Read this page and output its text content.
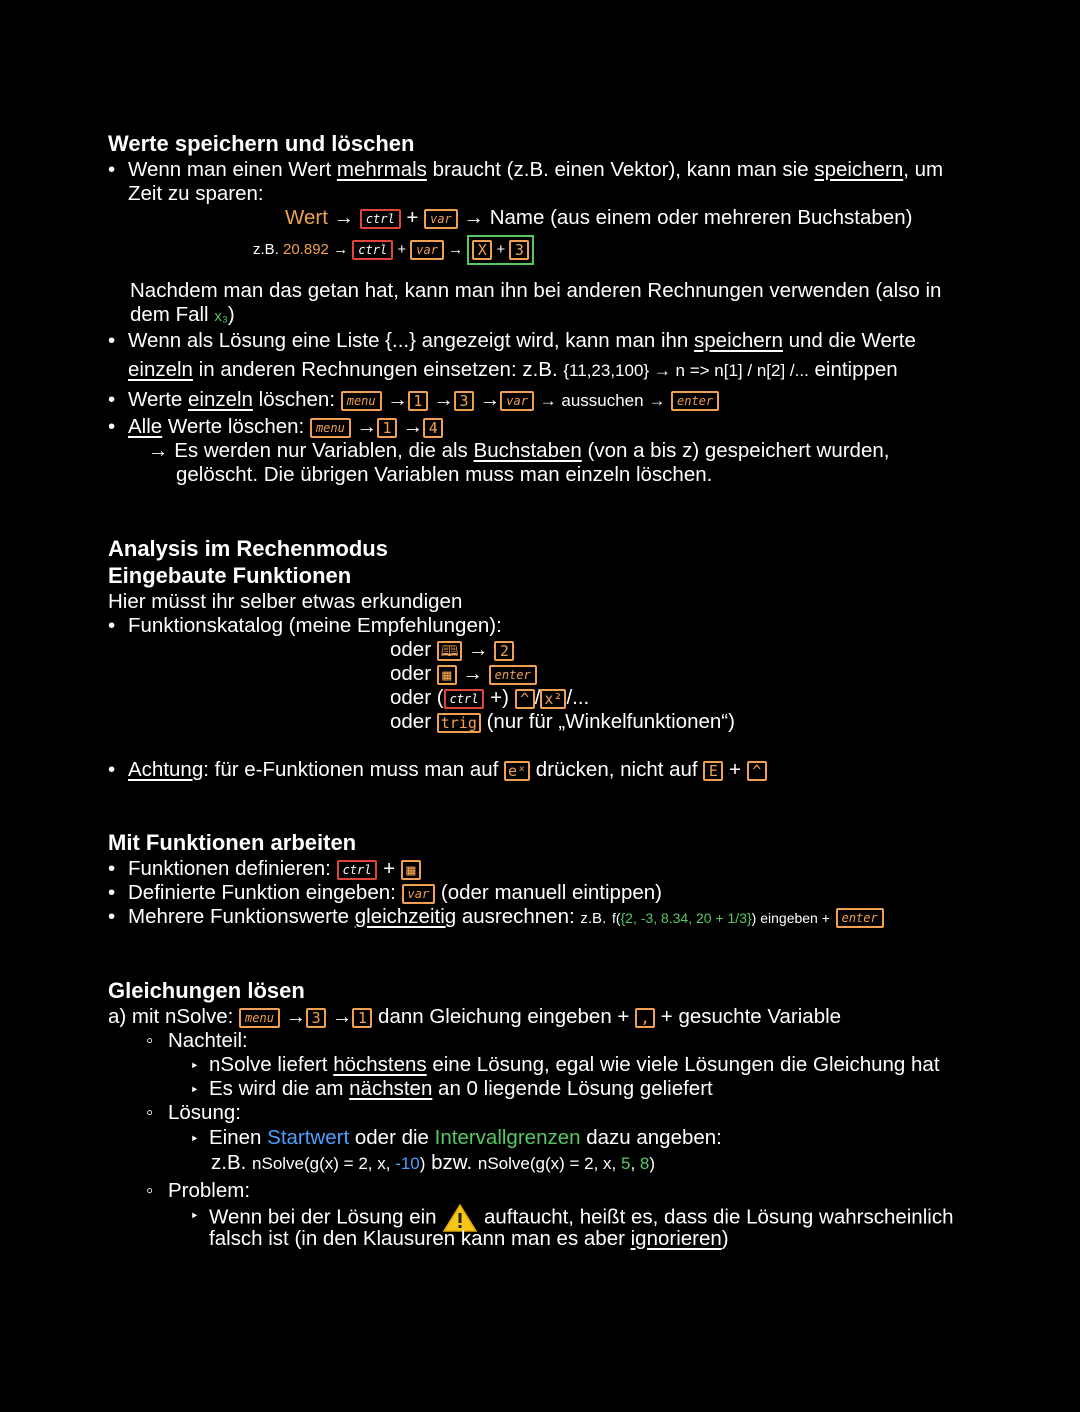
Werte speichern und löschen
• Wenn man einen Wert mehrmals braucht (z.B. einen Vektor), kann man sie speichern, um
Zeit zu sparen:
Wert → ctrl + var → Name (aus einem oder mehreren Buchstaben)
z.B. 20.892 → ctrl + var → X + 3
Nachdem man das getan hat, kann man ihn bei anderen Rechnungen verwenden (also in
dem Fall x₃)
• Wenn als Lösung eine Liste {...} angezeigt wird, kann man ihn speichern und die Werte
einzeln in anderen Rechnungen einsetzen: z.B. {11,23,100} → n => n[1] / n[2] /... eintippen
• Werte einzeln löschen: menu → 1 → 3 → var → aussuchen → enter
• Alle Werte löschen: menu → 1 → 4
→ Es werden nur Variablen, die als Buchstaben (von a bis z) gespeichert wurden,
gelöscht. Die übrigen Variablen muss man einzeln löschen.
Analysis im Rechenmodus
Eingebaute Funktionen
Hier müsst ihr selber etwas erkundigen
• Funktionskatalog (meine Empfehlungen):
oder 🕮 → 2
oder ▦ → enter
oder ( ctrl +) ^ / x² /...
oder trig (nur für „Winkelfunktionen“)
• Achtung: für e-Funktionen muss man auf eˣ drücken, nicht auf E + ^
Mit Funktionen arbeiten
• Funktionen definieren: ctrl + ▦
• Definierte Funktion eingeben: var (oder manuell eintippen)
• Mehrere Funktionswerte gleichzeitig ausrechnen: z.B. f({2, -3, 8.34, 20 + 1/3}) eingeben + enter
Gleichungen lösen
a) mit nSolve: menu → 3 → 1 dann Gleichung eingeben + , + gesuchte Variable
◦ Nachteil:
‣ nSolve liefert höchstens eine Lösung, egal wie viele Lösungen die Gleichung hat
‣ Es wird die am nächsten an 0 liegende Lösung geliefert
◦ Lösung:
‣ Einen Startwert oder die Intervallgrenzen dazu angeben:
z.B. nSolve(g(x) = 2, x, -10) bzw. nSolve(g(x) = 2, x, 5, 8)
◦ Problem:
‣ Wenn bei der Lösung ein auftaucht, heißt es, dass die Lösung wahrscheinlich
falsch ist (in den Klausuren kann man es aber ignorieren)
